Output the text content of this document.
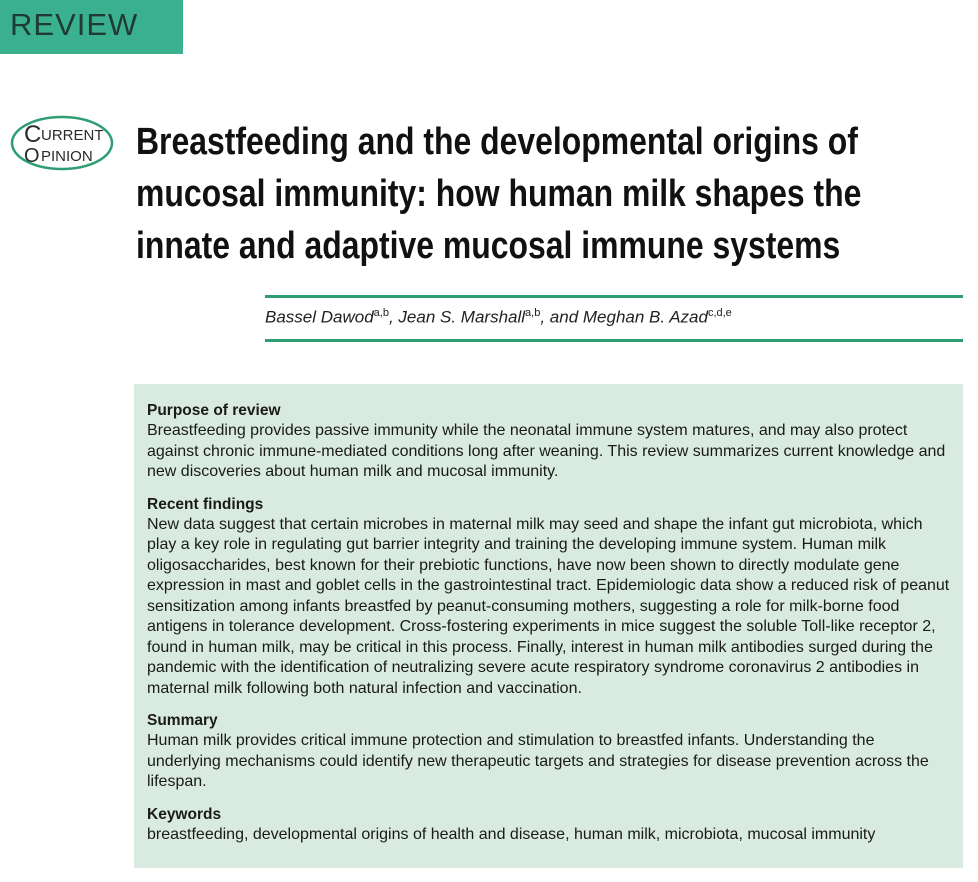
REVIEW
C URRENT
O PINION Breastfeeding and the developmental origins of
mucosal immunity: how human milk shapes the
innate and adaptive mucosal immune systems
Bassel Dawod$^{a,b}$, Jean S. Marshall$^{a,b}$, and Meghan B. Azad$^{c,d,e}$
Purpose of review

Breastfeeding provides passive immunity while the neonatal immune system matures, and may also protect against chronic immune-mediated conditions long after weaning. This review summarizes current knowledge and new discoveries about human milk and mucosal immunity.

Recent findings

New data suggest that certain microbes in maternal milk may seed and shape the infant gut microbiota, which play a key role in regulating gut barrier integrity and training the developing immune system. Human milk oligosaccharides, best known for their prebiotic functions, have now been shown to directly modulate gene expression in mast and goblet cells in the gastrointestinal tract. Epidemiologic data show a reduced risk of peanut sensitization among infants breastfed by peanut-consuming mothers, suggesting a role for milk-borne food antigens in tolerance development. Cross-fostering experiments in mice suggest the soluble Toll-like receptor 2, found in human milk, may be critical in this process. Finally, interest in human milk antibodies surged during the pandemic with the identification of neutralizing severe acute respiratory syndrome coronavirus 2 antibodies in maternal milk following both natural infection and vaccination.

Summary

Human milk provides critical immune protection and stimulation to breastfed infants. Understanding the underlying mechanisms could identify new therapeutic targets and strategies for disease prevention across the lifespan.

Keywords

breastfeeding, developmental origins of health and disease, human milk, microbiota, mucosal immunity
